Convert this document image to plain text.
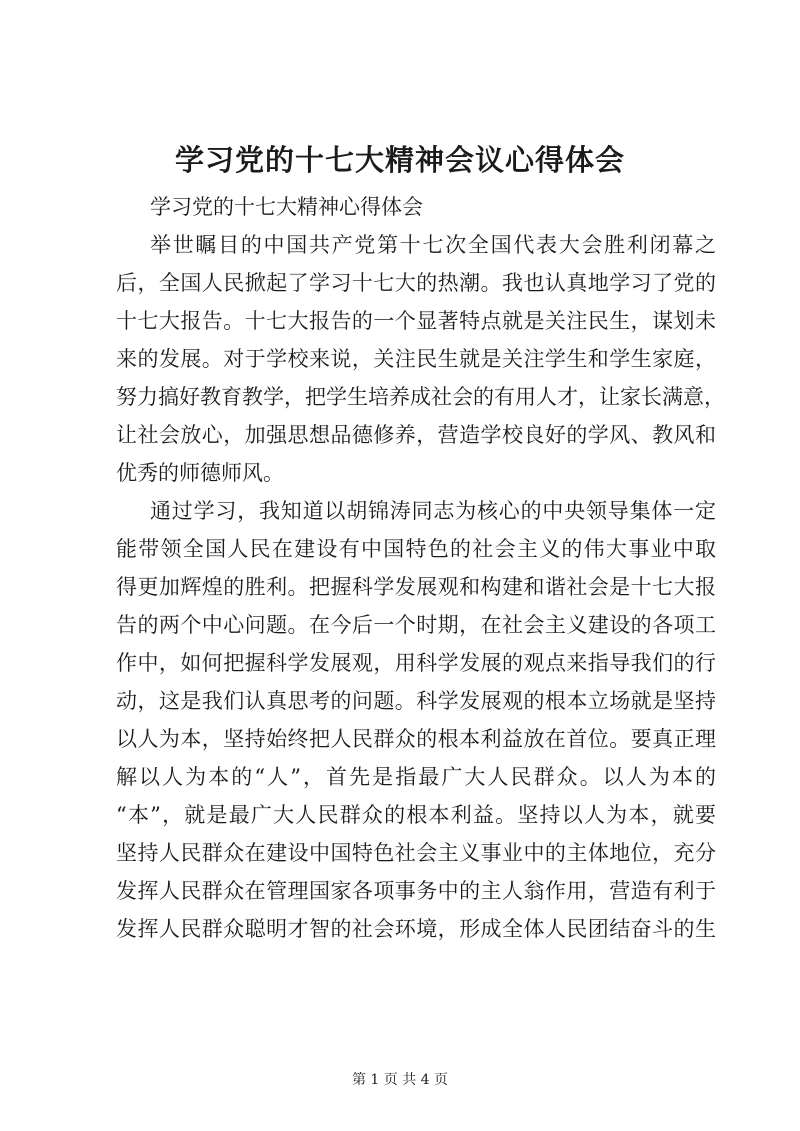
学习党的十七大精神会议心得体会
学习党的十七大精神心得体会
举世瞩目的中国共产党第十七次全国代表大会胜利闭幕之
后，全国人民掀起了学习十七大的热潮。我也认真地学习了党的
十七大报告。十七大报告的一个显著特点就是关注民生，谋划未
来的发展。对于学校来说，关注民生就是关注学生和学生家庭，
努力搞好教育教学，把学生培养成社会的有用人才，让家长满意，
让社会放心，加强思想品德修养，营造学校良好的学风、教风和
优秀的师德师风。
通过学习，我知道以胡锦涛同志为核心的中央领导集体一定
能带领全国人民在建设有中国特色的社会主义的伟大事业中取
得更加辉煌的胜利。把握科学发展观和构建和谐社会是十七大报
告的两个中心问题。在今后一个时期，在社会主义建设的各项工
作中，如何把握科学发展观，用科学发展的观点来指导我们的行
动，这是我们认真思考的问题。科学发展观的根本立场就是坚持
以人为本，坚持始终把人民群众的根本利益放在首位。要真正理
解以人为本的“人”，首先是指最广大人民群众。以人为本的
“本”，就是最广大人民群众的根本利益。坚持以人为本，就要
坚持人民群众在建设中国特色社会主义事业中的主体地位，充分
发挥人民群众在管理国家各项事务中的主人翁作用，营造有利于
发挥人民群众聪明才智的社会环境，形成全体人民团结奋斗的生
第 1 页 共 4 页
